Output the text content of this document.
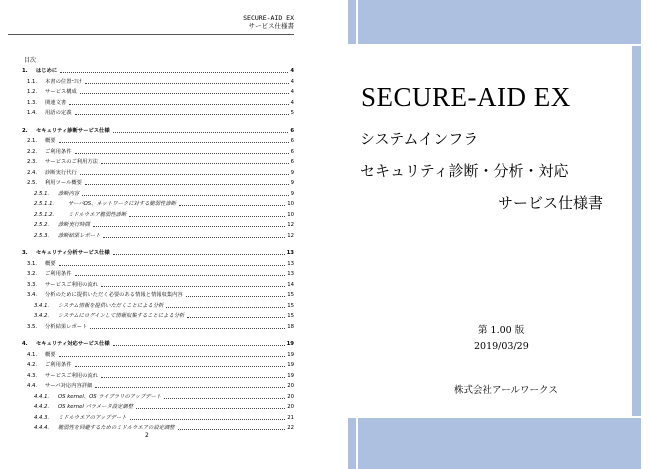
SECURE-AID EX
サービス仕様書
目次
1.	はじめに	4
1.1.	本書の位置づけ	4
1.2.	サービス構成	4
1.3.	関連文書	4
1.4.	用語の定義	5
2.	セキュリティ診断サービス仕様	6
2.1.	概要	6
2.2.	ご利用条件	6
2.3.	サービスのご利用方法	6
2.4.	診断実行代行	9
2.5.	利用ツール概要	9
2.5.1.	診断内容	9
2.5.1.1.	サーバOS、ネットワークに対する脆弱性診断	10
2.5.1.2.	ミドルウエア脆弱性診断	10
2.5.2.	診断実行時間	12
2.5.3.	診断結果レポート	12
3.	セキュリティ分析サービス仕様	13
3.1.	概要	13
3.2.	ご利用条件	13
3.3.	サービスご利用の流れ	14
3.4.	分析のために提供いただく必要のある情報と情報収集内容	15
3.4.1.	システム情報を提供いただくことによる分析	15
3.4.2.	システムにログインして情報収集することによる分析	15
3.5.	分析結果レポート	18
4.	セキュリティ対応サービス仕様	19
4.1.	概要	19
4.2.	ご利用条件	19
4.3.	サービスご利用の流れ	19
4.4.	サーバ対応内容詳細	20
4.4.1.	OS kernel、OS ライブラリのアップデート	20
4.4.2.	OS kernel パラメータ設定調整	20
4.4.3.	ミドルウエアのアップデート	21
4.4.4.	脆弱性を回避するためのミドルウエアの設定調整	22
2
SECURE-AID EX
システムインフラ
セキュリティ診断・分析・対応
サービス仕様書
第 1.00 版
2019/03/29
株式会社アールワークス
